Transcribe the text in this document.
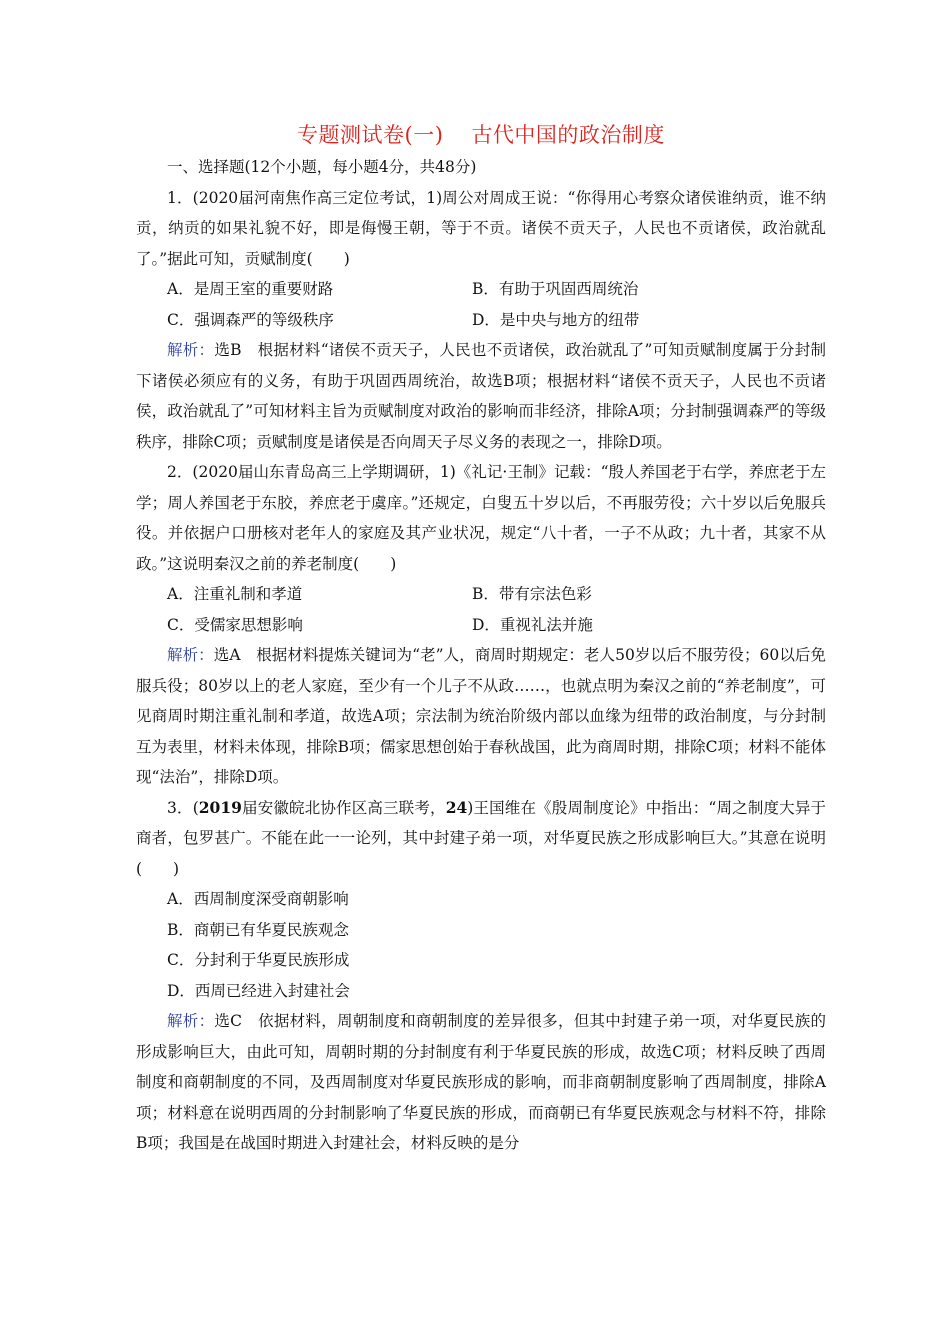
专题测试卷(一) 古代中国的政治制度

一、选择题(12个小题，每小题4分，共48分)

1．(2020届河南焦作高三定位考试，1)周公对周成王说：“你得用心考察众诸侯谁纳贡，谁不纳贡，纳贡的如果礼貌不好，即是侮慢王朝，等于不贡。诸侯不贡天子，人民也不贡诸侯，政治就乱了。”据此可知，贡赋制度(　　)

A．是周王室的重要财路	B．有助于巩固西周统治
C．强调森严的等级秩序	D．是中央与地方的纽带

解析：选B　根据材料“诸侯不贡天子，人民也不贡诸侯，政治就乱了”可知贡赋制度属于分封制下诸侯必须应有的义务，有助于巩固西周统治，故选B项；根据材料“诸侯不贡天子，人民也不贡诸侯，政治就乱了”可知材料主旨为贡赋制度对政治的影响而非经济，排除A项；分封制强调森严的等级秩序，排除C项；贡赋制度是诸侯是否向周天子尽义务的表现之一，排除D项。

2．(2020届山东青岛高三上学期调研，1)《礼记·王制》记载：“殷人养国老于右学，养庶老于左学；周人养国老于东胶，养庶老于虞庠。”还规定，白叟五十岁以后，不再服劳役；六十岁以后免服兵役。并依据户口册核对老年人的家庭及其产业状况，规定“八十者，一子不从政；九十者，其家不从政。”这说明秦汉之前的养老制度(　　)

A．注重礼制和孝道	B．带有宗法色彩
C．受儒家思想影响	D．重视礼法并施

解析：选A　根据材料提炼关键词为“老”人，商周时期规定：老人50岁以后不服劳役；60以后免服兵役；80岁以上的老人家庭，至少有一个儿子不从政……，也就点明为秦汉之前的“养老制度”，可见商周时期注重礼制和孝道，故选A项；宗法制为统治阶级内部以血缘为纽带的政治制度，与分封制互为表里，材料未体现，排除B项；儒家思想创始于春秋战国，此为商周时期，排除C项；材料不能体现“法治”，排除D项。

3．(2019届安徽皖北协作区高三联考，24)王国维在《殷周制度论》中指出：“周之制度大异于商者，包罗甚广。不能在此一一论列，其中封建子弟一项，对华夏民族之形成影响巨大。”其意在说明(　　)

A．西周制度深受商朝影响
B．商朝已有华夏民族观念
C．分封利于华夏民族形成
D．西周已经进入封建社会

解析：选C　依据材料，周朝制度和商朝制度的差异很多，但其中封建子弟一项，对华夏民族的形成影响巨大，由此可知，周朝时期的分封制度有利于华夏民族的形成，故选C项；材料反映了西周制度和商朝制度的不同，及西周制度对华夏民族形成的影响，而非商朝制度影响了西周制度，排除A项；材料意在说明西周的分封制影响了华夏民族的形成，而商朝已有华夏民族观念与材料不符，排除B项；我国是在战国时期进入封建社会，材料反映的是分
